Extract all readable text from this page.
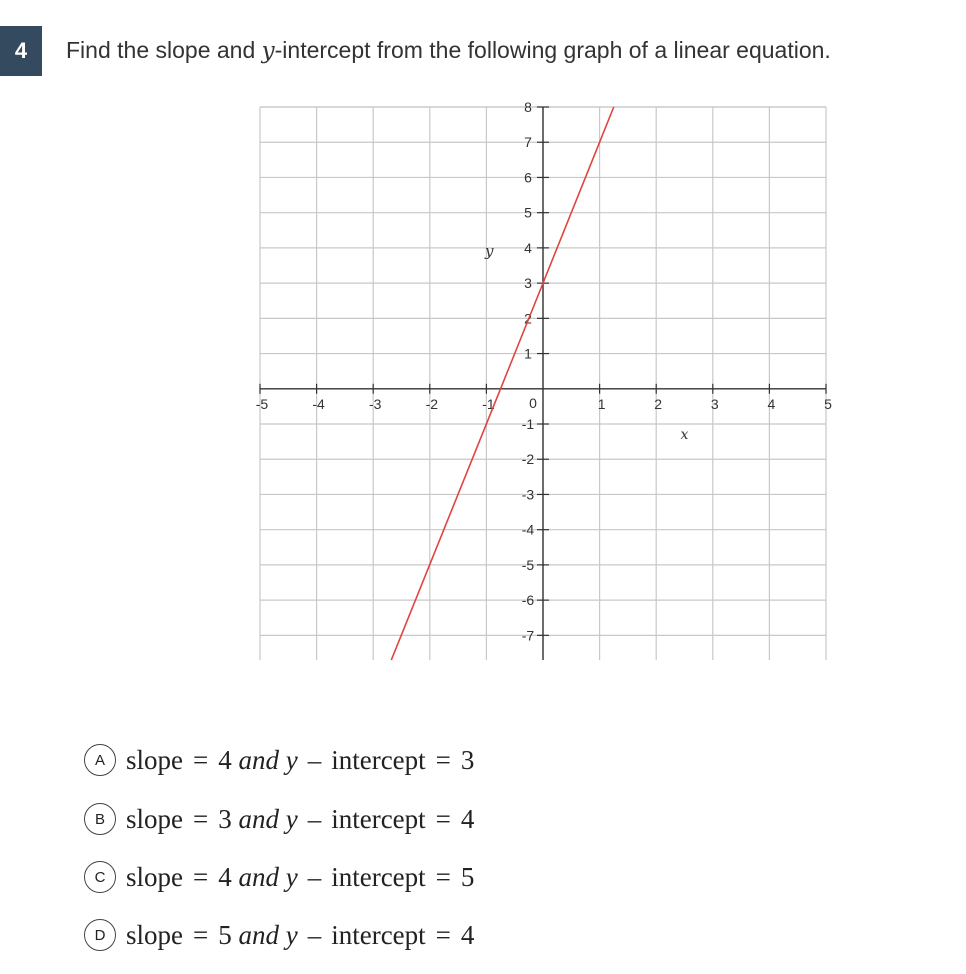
4	Find the slope and y-intercept from the following graph of a linear equation.
-5	-4	-3	-2	-1 0	1	2	3	4	5
-7
-6
-5
-4
-3
-2
-1
1
2
3
4
5
6
7
8
y
x
A slope = 4 and y – intercept = 3
B slope = 3 and y – intercept = 4
C slope = 4 and y – intercept = 5
D slope = 5 and y – intercept = 4
